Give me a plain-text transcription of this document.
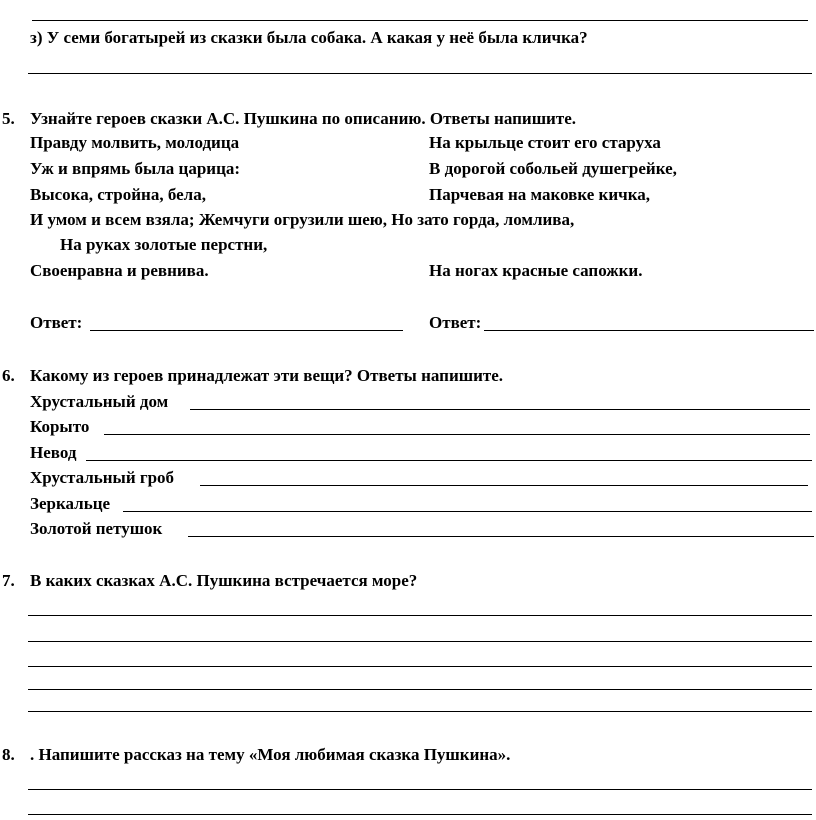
з) У семи богатырей из сказки была собака. А какая у неё была кличка?
5. Узнайте героев сказки А.С. Пушкина по описанию. Ответы напишите.
Правду молвить, молодица
Уж и впрямь была царица:
Высока, стройна, бела,
На крыльце стоит его старуха
В дорогой собольей душегрейке,
Парчевая на маковке кичка,
И умом и всем взяла; Жемчуги огрузили шею, Но зато горда, ломлива,
На руках золотые перстни,
Своенравна и ревнива.	На ногах красные сапожки.
Ответ:	Ответ:
6. Какому из героев принадлежат эти вещи? Ответы напишите.
Хрустальный дом
Корыто
Невод
Хрустальный гроб
Зеркальце
Золотой петушок
7. В каких сказках А.С. Пушкина встречается море?
8. . Напишите рассказ на тему «Моя любимая сказка Пушкина».
